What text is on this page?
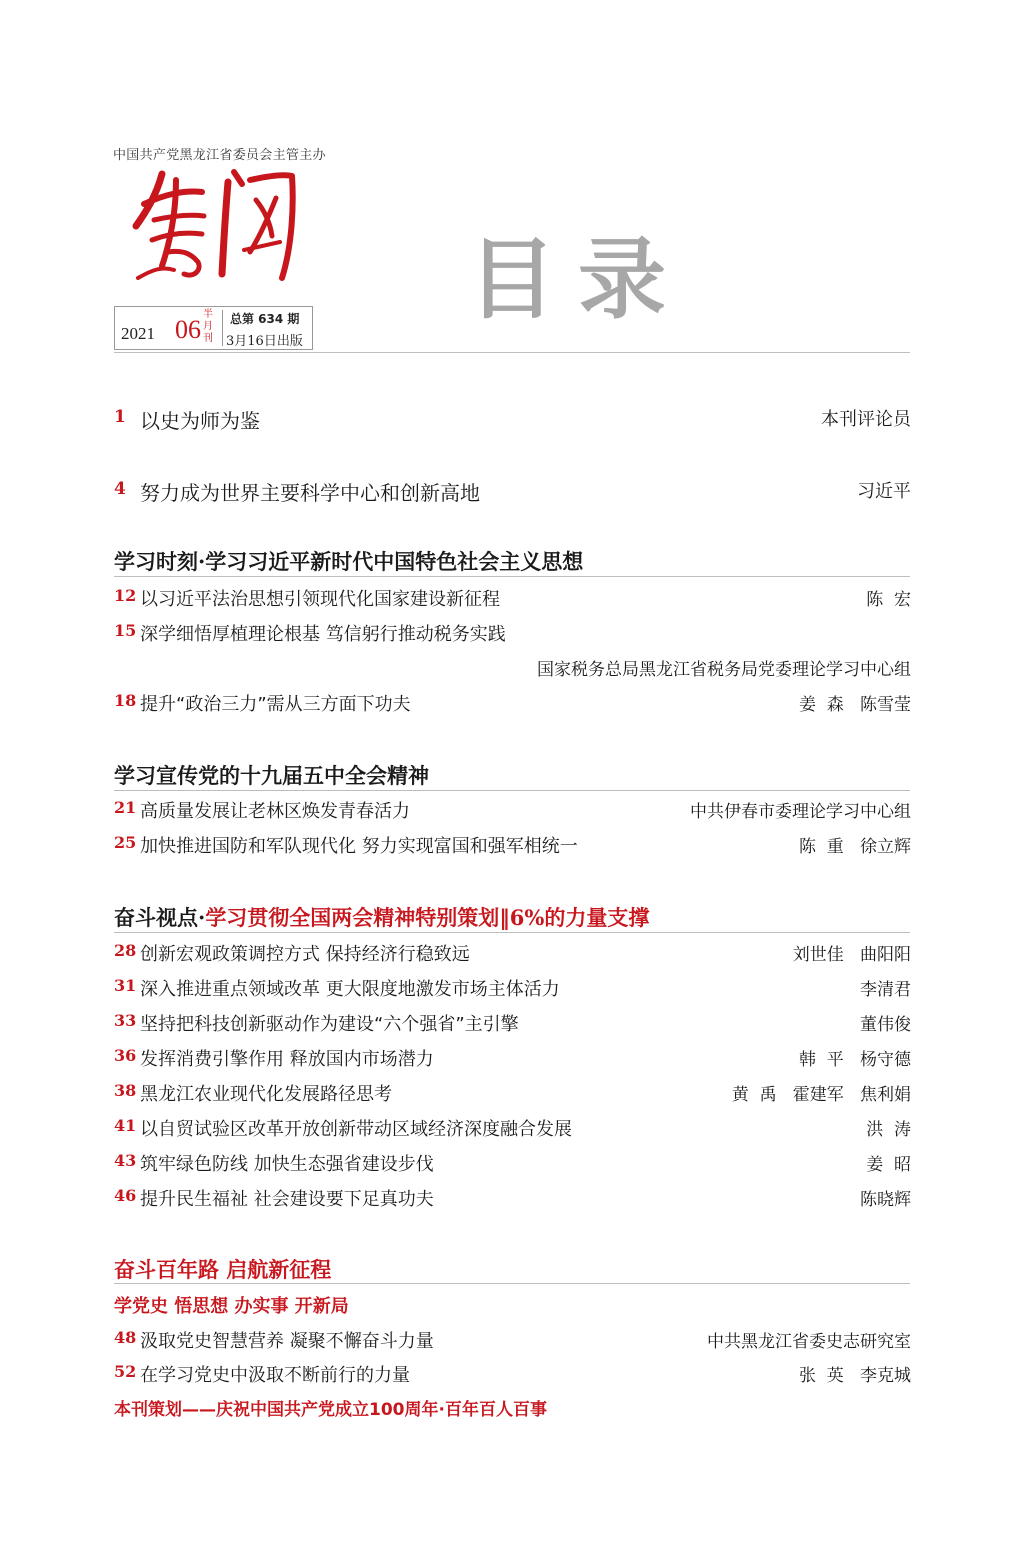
中国共产党黑龙江省委员会主管主办
2021 06
半月刊
总第 634 期
3月16日出版
目录
1 以史为师为鉴	本刊评论员
4 努力成为世界主要科学中心和创新高地	习近平
学习时刻·学习习近平新时代中国特色社会主义思想
12 以习近平法治思想引领现代化国家建设新征程	陈  宏
15 深学细悟厚植理论根基 笃信躬行推动税务实践
国家税务总局黑龙江省税务局党委理论学习中心组
18 提升“政治三力”需从三方面下功夫	姜  森   陈雪莹
学习宣传党的十九届五中全会精神
21 高质量发展让老林区焕发青春活力	中共伊春市委理论学习中心组
25 加快推进国防和军队现代化 努力实现富国和强军相统一	陈  重   徐立辉
奋斗视点·学习贯彻全国两会精神特别策划‖6%的力量支撑
28 创新宏观政策调控方式 保持经济行稳致远	刘世佳   曲阳阳
31 深入推进重点领域改革 更大限度地激发市场主体活力	李清君
33 坚持把科技创新驱动作为建设“六个强省”主引擎	董伟俊
36 发挥消费引擎作用 释放国内市场潜力	韩  平   杨守德
38 黑龙江农业现代化发展路径思考	黄  禹   霍建军   焦利娟
41 以自贸试验区改革开放创新带动区域经济深度融合发展	洪  涛
43 筑牢绿色防线 加快生态强省建设步伐	姜  昭
46 提升民生福祉 社会建设要下足真功夫	陈晓辉
奋斗百年路 启航新征程
学党史 悟思想 办实事 开新局
48 汲取党史智慧营养 凝聚不懈奋斗力量	中共黑龙江省委史志研究室
52 在学习党史中汲取不断前行的力量	张  英   李克城
本刊策划——庆祝中国共产党成立100周年·百年百人百事
